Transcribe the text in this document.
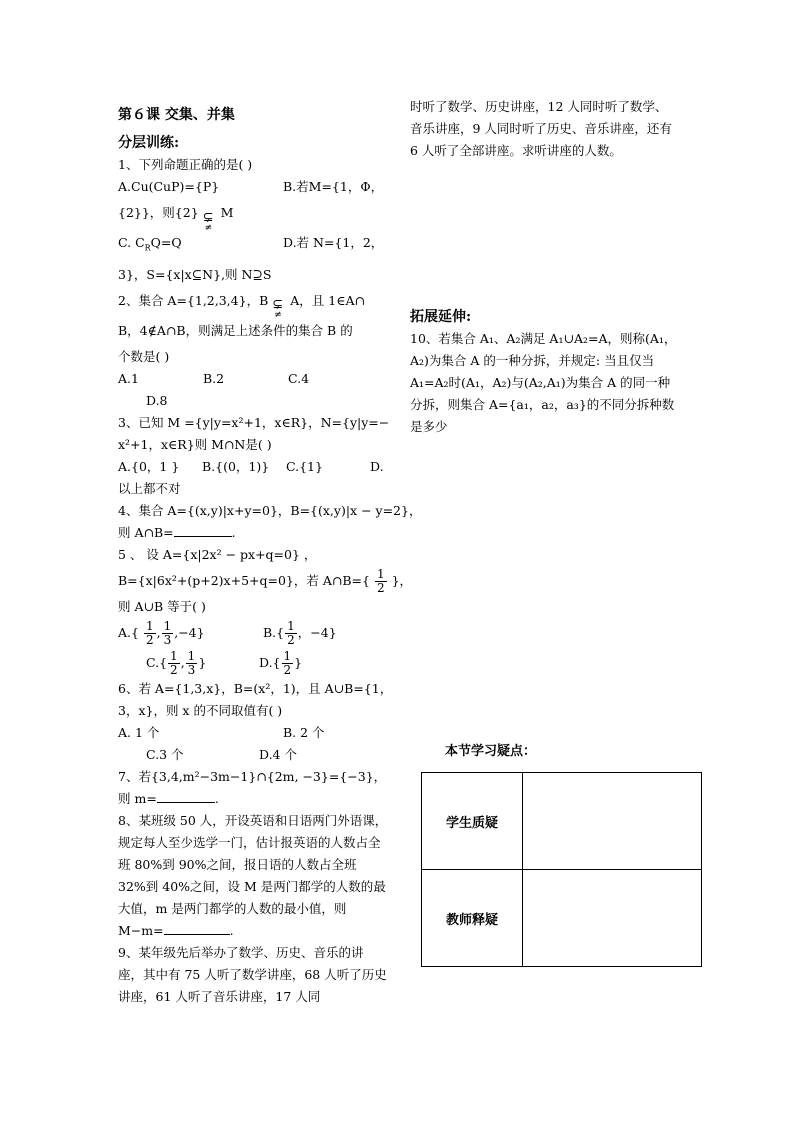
第６课 交集、并集
分层训练:
1、下列命题正确的是( )
A.Cu(CuP)={P}	B.若M={1，Φ，
{2}}，则{2} ⊊
≠
M
C. $C_RQ=Q$	D.若 N={1，2，
3}，S={x|x⊆N},则 N⊇S
2、集合 A={1,2,3,4}，B ⊊
≠
A，且 1∈A∩
B，4∉A∩B，则满足上述条件的集合 B 的
个数是( )
A.1	B.2	C.4
D.8
3、已知 M ={y|y=x²+1，x∈R}，N={y|y=−
x²+1，x∈R}则 M∩N是( )
A.{0，1 }	B.{(0，1)}	C.{1}	D.
以上都不对
4、集合 A={(x,y)|x+y=0}，B={(x,y)|x − y=2}，
则 A∩B=	.
5 、 设 A={x|2x² − px+q=0} ，
B={x|6x²+(p+2)x+5+q=0}，若 A∩B={ $\frac{1}{2}$ }，
则 A∪B 等于( )
$A.\{ \frac{1}{2}$ , $\frac{1}{3} ,-4$}	$B.\{ \frac{1}{2}$ ，−4}
$C.\{ \frac{1}{2}$ , $\frac{1}{3}$ }	$D.\{ \frac{1}{2}$ }
6、若 A={1,3,x}，B=(x²，1)，且 A∪B={1，
3，x}，则 x 的不同取值有( )
A. 1 个	B. 2 个
C.3 个	D.4 个
7、若{3,4,m²−3m−1}∩{2m, −3}={−3}，
则 m=	.
8、某班级 50 人，开设英语和日语两门外语课，规定每人至少选学一门，估计报英语的人数占全班 80%到 90%之间，报日语的人数占全班 32%到 40%之间，设 M 是两门都学的人数的最大值，m 是两门都学的人数的最小值，则 M−m=	.
9、某年级先后举办了数学、历史、音乐的讲座，其中有 75 人听了数学讲座，68 人听了历史讲座，61 人听了音乐讲座，17 人同
时听了数学、历史讲座，12 人同时听了数学、音乐讲座，9 人同时听了历史、音乐讲座，还有 6 人听了全部讲座。求听讲座的人数。
拓展延伸:
10、若集合 A₁、A₂满足 A₁∪A₂=A，则称(A₁，A₂)为集合 A 的一种分拆，并规定: 当且仅当 A₁=A₂时(A₁，A₂)与(A₂,A₁)为集合 A 的同一种分拆，则集合 A={a₁，a₂，a₃}的不同分拆种数是多少
本节学习疑点：
学生质疑	
教师释疑	
